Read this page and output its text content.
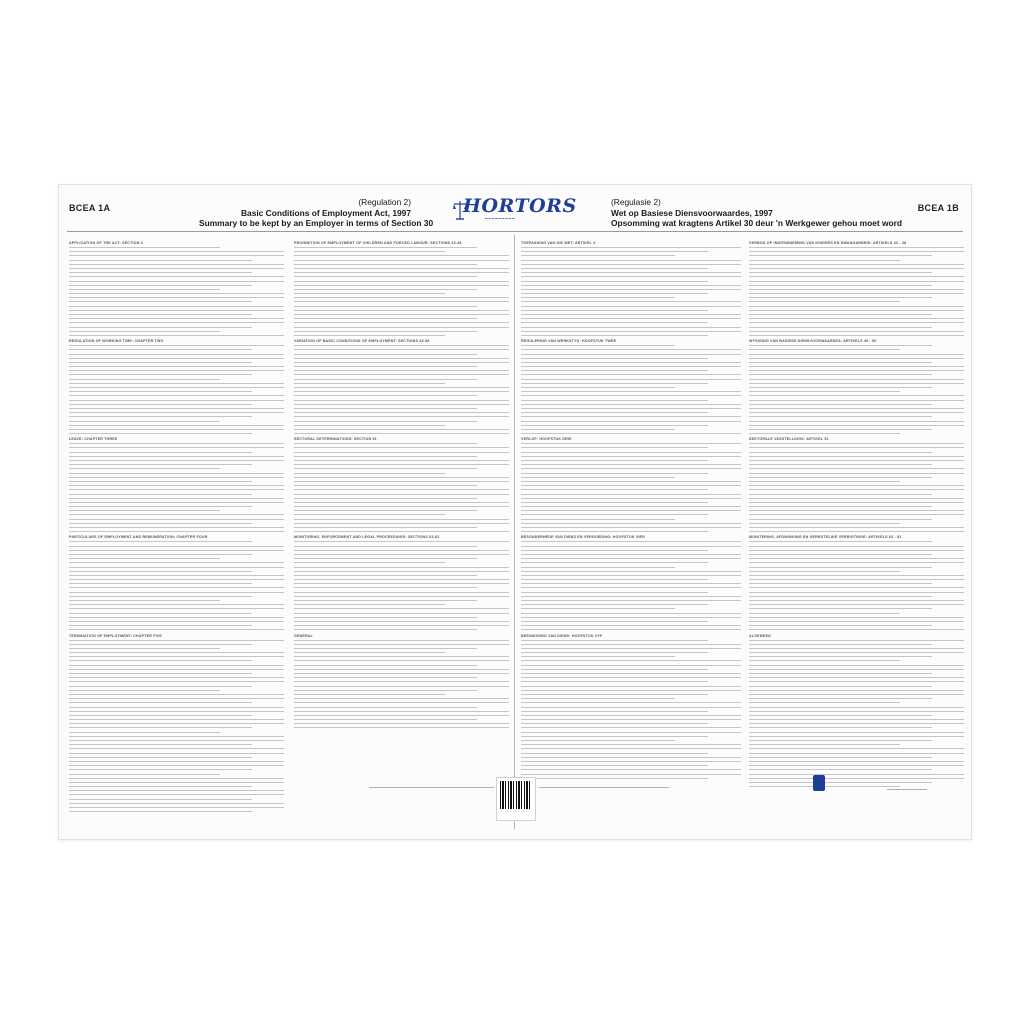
BCEA 1A	BCEA 1B
(Regulation 2)
Basic Conditions of Employment Act, 1997
Summary to be kept by an Employer in terms of Section 30
HORTORS
━━━━━━━━━
(Regulasie 2)
Wet op Basiese Diensvoorwaardes, 1997
Opsomming wat kragtens Artikel 30 deur 'n Werkgewer gehou moet word
APPLICATION OF THE ACT: SECTION 3
REGULATION OF WORKING TIME: CHAPTER TWO
LEAVE: CHAPTER THREE
PARTICULARS OF EMPLOYMENT AND REMUNERATION: CHAPTER FOUR
TERMINATION OF EMPLOYMENT: CHAPTER FIVE
PROHIBITION OF EMPLOYMENT OF CHILDREN AND FORCED LABOUR: SECTIONS 43-48
VARIATION OF BASIC CONDITIONS OF EMPLOYMENT: SECTIONS 49-58
SECTORAL DETERMINATIONS: SECTION 51
MONITORING, ENFORCEMENT AND LEGAL PROCEEDINGS: SECTIONS 63-81
GENERAL
TOEPASSING VAN DIE WET: ARTIKEL 3
REGULERING VAN WERKSTYD: HOOFSTUK TWEE
VERLOF: HOOFSTUK DRIE
BESONDERHEDE VAN DIENS EN VERGOEDING: HOOFSTUK VIER
BEEINDIGING VAN DIENS: HOOFSTUK VYF
VERBOD OP INDIENSNEMING VAN KINDERS EN DWANGARBEID: ARTIKELS 43 - 48
WYSIGING VAN BASIESE DIENSVOORWAARDES: ARTIKELS 49 - 50
SEKTORALE VASSTELLINGS: ARTIKEL 51
MONITERING, AFDWINGING EN GEREGTELIKE VERRIGTINGE: ARTIKELS 63 - 81
ALGEMEEN
